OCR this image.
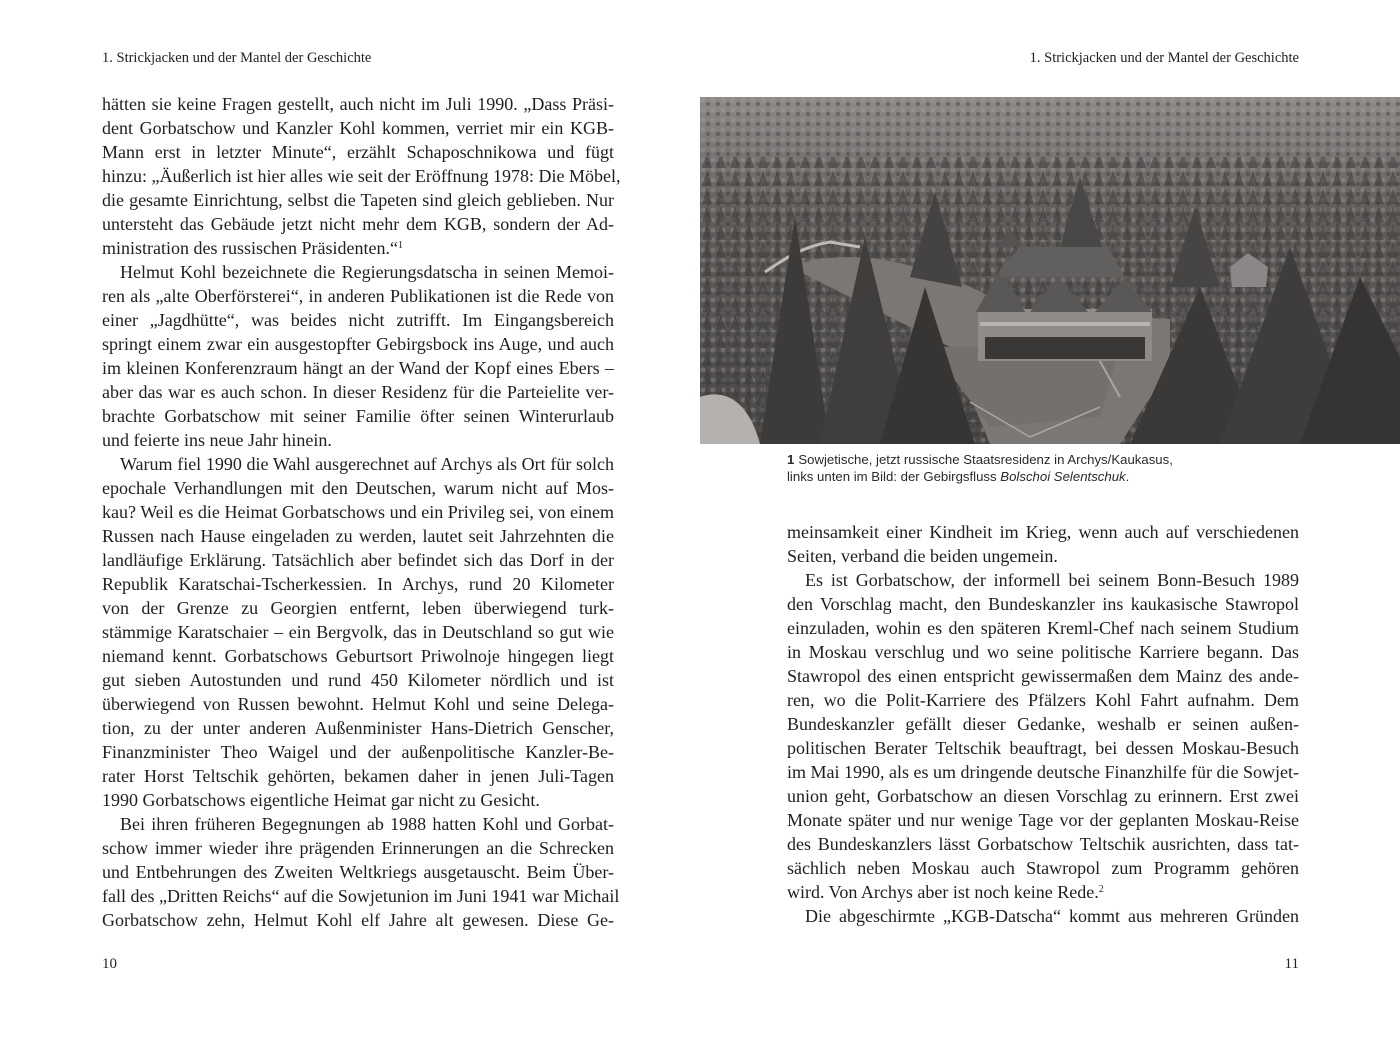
1. Strickjacken und der Mantel der Geschichte

hätten sie keine Fragen gestellt, auch nicht im Juli 1990. „Dass Präsi-
dent Gorbatschow und Kanzler Kohl kommen, verriet mir ein KGB-
Mann erst in letzter Minute“, erzählt Schaposchnikowa und fügt
hinzu: „Äußerlich ist hier alles wie seit der Eröffnung 1978: Die Möbel,
die gesamte Einrichtung, selbst die Tapeten sind gleich geblieben. Nur
untersteht das Gebäude jetzt nicht mehr dem KGB, sondern der Ad-
ministration des russischen Präsidenten.“$^1$

Helmut Kohl bezeichnete die Regierungsdatscha in seinen Memoi-
ren als „alte Oberförsterei“, in anderen Publikationen ist die Rede von
einer „Jagdhütte“, was beides nicht zutrifft. Im Eingangsbereich
springt einem zwar ein ausgestopfter Gebirgsbock ins Auge, und auch
im kleinen Konferenzraum hängt an der Wand der Kopf eines Ebers –
aber das war es auch schon. In dieser Residenz für die Parteielite ver-
brachte Gorbatschow mit seiner Familie öfter seinen Winterurlaub
und feierte ins neue Jahr hinein.

Warum fiel 1990 die Wahl ausgerechnet auf Archys als Ort für solch
epochale Verhandlungen mit den Deutschen, warum nicht auf Mos-
kau? Weil es die Heimat Gorbatschows und ein Privileg sei, von einem
Russen nach Hause eingeladen zu werden, lautet seit Jahrzehnten die
landläufige Erklärung. Tatsächlich aber befindet sich das Dorf in der
Republik Karatschai-Tscherkessien. In Archys, rund 20 Kilometer
von der Grenze zu Georgien entfernt, leben überwiegend turk-
stämmige Karatschaier – ein Bergvolk, das in Deutschland so gut wie
niemand kennt. Gorbatschows Geburtsort Priwolnoje hingegen liegt
gut sieben Autostunden und rund 450 Kilometer nördlich und ist
überwiegend von Russen bewohnt. Helmut Kohl und seine Delega-
tion, zu der unter anderen Außenminister Hans-Dietrich Genscher,
Finanzminister Theo Waigel und der außenpolitische Kanzler-Be-
rater Horst Teltschik gehörten, bekamen daher in jenen Juli-Tagen
1990 Gorbatschows eigentliche Heimat gar nicht zu Gesicht.

Bei ihren früheren Begegnungen ab 1988 hatten Kohl und Gorbat-
schow immer wieder ihre prägenden Erinnerungen an die Schrecken
und Entbehrungen des Zweiten Weltkriegs ausgetauscht. Beim Über-
fall des „Dritten Reichs“ auf die Sowjetunion im Juni 1941 war Michail
Gorbatschow zehn, Helmut Kohl elf Jahre alt gewesen. Diese Ge-

10
1. Strickjacken und der Mantel der Geschichte
1 Sowjetische, jetzt russische Staatsresidenz in Archys/Kaukasus,
links unten im Bild: der Gebirgsfluss Bolschoi Selentschuk.

meinsamkeit einer Kindheit im Krieg, wenn auch auf verschiedenen
Seiten, verband die beiden ungemein.

Es ist Gorbatschow, der informell bei seinem Bonn-Besuch 1989
den Vorschlag macht, den Bundeskanzler ins kaukasische Stawropol
einzuladen, wohin es den späteren Kreml-Chef nach seinem Studium
in Moskau verschlug und wo seine politische Karriere begann. Das
Stawropol des einen entspricht gewissermaßen dem Mainz des ande-
ren, wo die Polit-Karriere des Pfälzers Kohl Fahrt aufnahm. Dem
Bundeskanzler gefällt dieser Gedanke, weshalb er seinen außen-
politischen Berater Teltschik beauftragt, bei dessen Moskau-Besuch
im Mai 1990, als es um dringende deutsche Finanzhilfe für die Sowjet-
union geht, Gorbatschow an diesen Vorschlag zu erinnern. Erst zwei
Monate später und nur wenige Tage vor der geplanten Moskau-Reise
des Bundeskanzlers lässt Gorbatschow Teltschik ausrichten, dass tat-
sächlich neben Moskau auch Stawropol zum Programm gehören
wird. Von Archys aber ist noch keine Rede.$^2$

Die abgeschirmte „KGB-Datscha“ kommt aus mehreren Gründen

11
